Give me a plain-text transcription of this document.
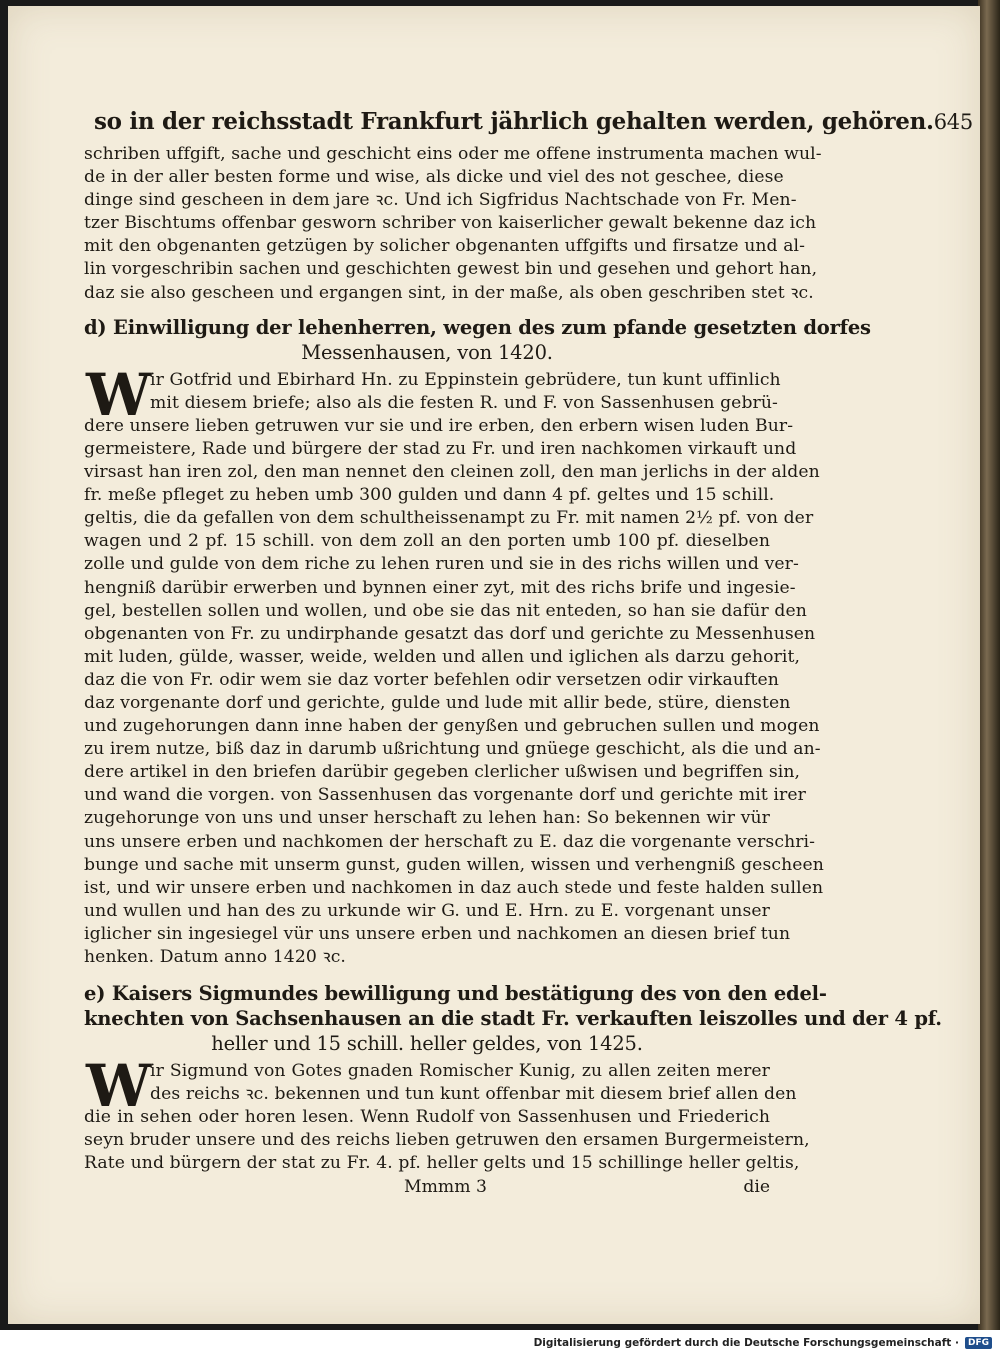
so in der reichsstadt Frankfurt jährlich gehalten werden, gehören. 645
schriben uffgift, sache und geschicht eins oder me offene instrumenta machen wul-
de in der aller besten forme und wise, als dicke und viel des not geschee, diese
dinge sind gescheen in dem jare ꝛc. Und ich Sigfridus Nachtschade von Fr. Men-
tzer Bischtums offenbar gesworn schriber von kaiserlicher gewalt bekenne daz ich
mit den obgenanten getzügen by solicher obgenanten uffgifts und firsatze und al-
lin vorgeschribin sachen und geschichten gewest bin und gesehen und gehort han,
daz sie also gescheen und ergangen sint, in der maße, als oben geschriben stet ꝛc.
d) Einwilligung der lehenherren, wegen des zum pfande gesetzten dorfes
Messenhausen, von 1420.
W
ir Gotfrid und Ebirhard Hn. zu Eppinstein gebrüdere, tun kunt uffinlich
mit diesem briefe; also als die festen R. und F. von Sassenhusen gebrü-
dere unsere lieben getruwen vur sie und ire erben, den erbern wisen luden Bur-
germeistere, Rade und bürgere der stad zu Fr. und iren nachkomen virkauft und
virsast han iren zol, den man nennet den cleinen zoll, den man jerlichs in der alden
fr. meße pfleget zu heben umb 300 gulden und dann 4 pf. geltes und 15 schill.
geltis, die da gefallen von dem schultheissenampt zu Fr. mit namen 2½ pf. von der
wagen und 2 pf. 15 schill. von dem zoll an den porten umb 100 pf. dieselben
zolle und gulde von dem riche zu lehen ruren und sie in des richs willen und ver-
hengniß darübir erwerben und bynnen einer zyt, mit des richs brife und ingesie-
gel, bestellen sollen und wollen, und obe sie das nit enteden, so han sie dafür den
obgenanten von Fr. zu undirphande gesatzt das dorf und gerichte zu Messenhusen
mit luden, gülde, wasser, weide, welden und allen und iglichen als darzu gehorit,
daz die von Fr. odir wem sie daz vorter befehlen odir versetzen odir virkauften
daz vorgenante dorf und gerichte, gulde und lude mit allir bede, stüre, diensten
und zugehorungen dann inne haben der genyßen und gebruchen sullen und mogen
zu irem nutze, biß daz in darumb ußrichtung und gnüege geschicht, als die und an-
dere artikel in den briefen darübir gegeben clerlicher ußwisen und begriffen sin,
und wand die vorgen. von Sassenhusen das vorgenante dorf und gerichte mit irer
zugehorunge von uns und unser herschaft zu lehen han: So bekennen wir vür
uns unsere erben und nachkomen der herschaft zu E. daz die vorgenante verschri-
bunge und sache mit unserm gunst, guden willen, wissen und verhengniß gescheen
ist, und wir unsere erben und nachkomen in daz auch stede und feste halden sullen
und wullen und han des zu urkunde wir G. und E. Hrn. zu E. vorgenant unser
iglicher sin ingesiegel vür uns unsere erben und nachkomen an diesen brief tun
henken. Datum anno 1420 ꝛc.
e) Kaisers Sigmundes bewilligung und bestätigung des von den edel-
knechten von Sachsenhausen an die stadt Fr. verkauften leiszolles und der 4 pf.
heller und 15 schill. heller geldes, von 1425.
W
ir Sigmund von Gotes gnaden Romischer Kunig, zu allen zeiten merer
des reichs ꝛc. bekennen und tun kunt offenbar mit diesem brief allen den
die in sehen oder horen lesen. Wenn Rudolf von Sassenhusen und Friederich
seyn bruder unsere und des reichs lieben getruwen den ersamen Burgermeistern,
Rate und bürgern der stat zu Fr. 4. pf. heller gelts und 15 schillinge heller geltis,
Mmmm 3	die
Digitalisierung gefördert durch die Deutsche Forschungsgemeinschaft ·	DFG
